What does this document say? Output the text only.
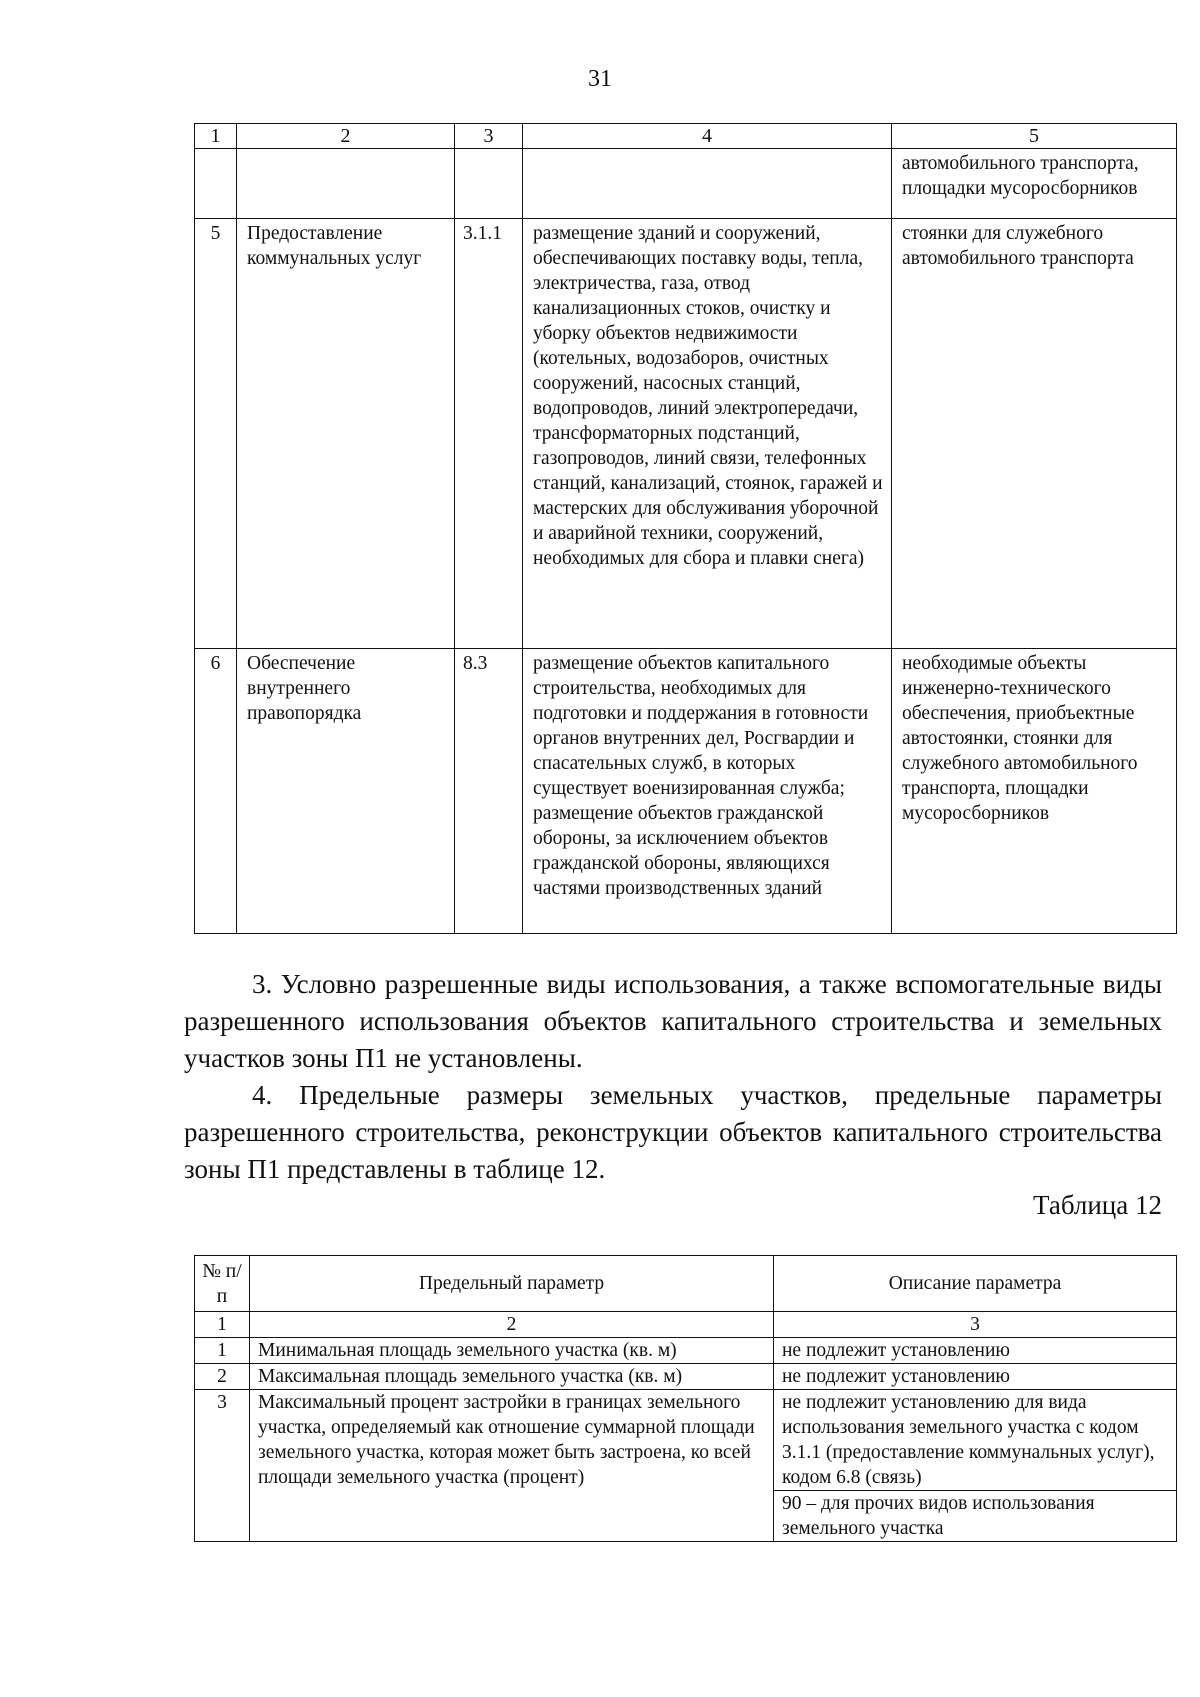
31
1	2	3	4	5
				автомобильного транспорта, площадки мусоросборников
5	Предоставление коммунальных услуг	3.1.1	размещение зданий и сооружений, обеспечивающих поставку воды, тепла, электричества, газа, отвод канализационных стоков, очистку и уборку объектов недвижимости (котельных, водозаборов, очистных сооружений, насосных станций, водопроводов, линий электропередачи, трансформаторных подстанций, газопроводов, линий связи, телефонных станций, канализаций, стоянок, гаражей и мастерских для обслуживания уборочной и аварийной техники, сооружений, необходимых для сбора и плавки снега)	стоянки для служебного автомобильного транспорта
6	Обеспечение внутреннего правопорядка	8.3	размещение объектов капитального строительства, необходимых для подготовки и поддержания в готовности органов внутренних дел, Росгвардии и спасательных служб, в которых существует военизированная служба; размещение объектов гражданской обороны, за исключением объектов гражданской обороны, являющихся частями производственных зданий	необходимые объекты инженерно-технического обеспечения, приобъектные автостоянки, стоянки для служебного автомобильного транспорта, площадки мусоросборников
3. Условно разрешенные виды использования, а также вспомогательные виды разрешенного использования объектов капитального строительства и земельных участков зоны П1 не установлены.
4. Предельные размеры земельных участков, предельные параметры разрешенного строительства, реконструкции объектов капитального строительства зоны П1 представлены в таблице 12.
Таблица 12
№ п/п	Предельный параметр	Описание параметра
1	2	3
1	Минимальная площадь земельного участка (кв. м)	не подлежит установлению
2	Максимальная площадь земельного участка (кв. м)	не подлежит установлению
3	Максимальный процент застройки в границах земельного участка, определяемый как отношение суммарной площади земельного участка, которая может быть застроена, ко всей площади земельного участка (процент)	не подлежит установлению для вида использования земельного участка с кодом 3.1.1 (предоставление коммунальных услуг), кодом 6.8 (связь)
		90 – для прочих видов использования земельного участка
